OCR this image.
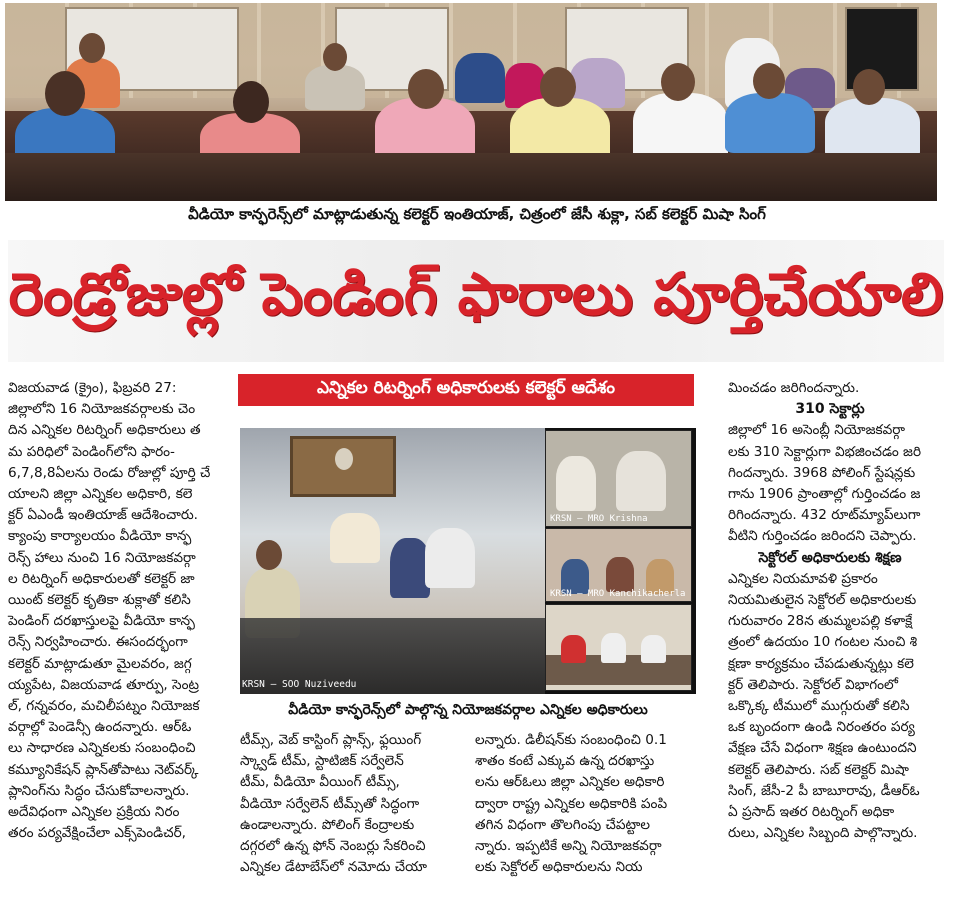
వీడియో కాన్ఫరెన్స్‌లో మాట్లాడుతున్న కలెక్టర్ ఇంతియాజ్, చిత్రంలో జేసీ శుక్లా, సబ్ కలెక్టర్ మిషా సింగ్
రెండ్రోజుల్లో పెండింగ్ ఫారాలు పూర్తిచేయాలి

విజయవాడ (క్రైం), ఫిబ్రవరి 27:

జిల్లాలోని 16 నియోజకవర్గాలకు చెం

దిన ఎన్నికల రిటర్నింగ్ అధికారులు త

మ పరిధిలో పెండింగ్‌లోని ఫారం-

6,7,8,8ఏలను రెండు రోజుల్లో పూర్తి చే

యాలని జిల్లా ఎన్నికల అధికారి, కలె

క్టర్ ఏఎండీ ఇంతియాజ్ ఆదేశించారు.

క్యాంపు కార్యాలయం వీడియో కాన్ఫ

రెన్స్ హాలు నుంచి 16 నియోజకవర్గా

ల రిటర్నింగ్ అధికారులతో కలెక్టర్ జా

యింట్ కలెక్టర్ కృతికా శుక్లాతో కలిసి

పెండింగ్ దరఖాస్తులపై వీడియో కాన్ఫ

రెన్స్ నిర్వహించారు. ఈసందర్భంగా

కలెక్టర్ మాట్లాడుతూ మైలవరం, జగ్గ

య్యపేట, విజయవాడ తూర్పు, సెంట్ర

ల్, గన్నవరం, మచిలీపట్నం నియోజక

వర్గాల్లో పెండెన్సీ ఉందన్నారు. ఆర్ఓ

లు సాధారణ ఎన్నికలకు సంబంధించి

కమ్యూనికేషన్ ప్లాన్‌తోపాటు నెట్‌వర్క్

ప్లానింగ్‌ను సిద్ధం చేసుకోవాలన్నారు.

అదేవిధంగా ఎన్నికల ప్రక్రియ నిరం

తరం పర్యవేక్షించేలా ఎక్స్‌పెండిచర్,

ఎన్నికల రిటర్నింగ్ అధికారులకు కలెక్టర్ ఆదేశం
KRSN – SOO Nuziveedu
KRSN – MRO Krishna
KRSN – MRO Kanchikacherla
వీడియో కాన్ఫరెన్స్‌లో పాల్గొన్న నియోజకవర్గాల ఎన్నికల అధికారులు

టీమ్స్, వెబ్ కాస్టింగ్ ప్లాన్స్, ఫ్లయింగ్

స్క్వాడ్ టీమ్, స్టాటిజిక్ సర్వేలెన్

టీమ్, వీడియో వీయింగ్ టీమ్స్,

వీడియో సర్వేలెన్ టీమ్స్‌తో సిద్ధంగా

ఉండాలన్నారు. పోలింగ్ కేంద్రాలకు

దగ్గరలో ఉన్న ఫోన్ నెంబర్లు సేకరించి

ఎన్నికల డేటాబేస్‌లో నమోదు చేయా

లన్నారు. డిలీషన్‌కు సంబంధించి 0.1

శాతం కంటే ఎక్కువ ఉన్న దరఖాస్తు

లను ఆర్ఓలు జిల్లా ఎన్నికల అధికారి

ద్వారా రాష్ట్ర ఎన్నికల అధికారికి పంపి

తగిన విధంగా తొలగింపు చేపట్టాల

న్నారు. ఇప్పటికే అన్ని నియోజకవర్గా

లకు సెక్టోరల్ అధికారులను నియ

మించడం జరిగిందన్నారు.

310 సెక్టార్లు

జిల్లాలో 16 అసెంబ్లీ నియోజకవర్గా

లకు 310 సెక్టార్లుగా విభజించడం జరి

గిందన్నారు. 3968 పోలింగ్ స్టేషన్లకు

గాను 1906 ప్రాంతాల్లో గుర్తించడం జ

రిగిందన్నారు. 432 రూట్‌మ్యాప్‌లుగా

వీటిని గుర్తించడం జరిందని చెప్పారు.

సెక్టోరల్ అధికారులకు శిక్షణ

ఎన్నికల నియమావళి ప్రకారం

నియమితులైన సెక్టోరల్ అధికారులకు

గురువారం 28న తుమ్మలపల్లి కళాక్షే

త్రంలో ఉదయం 10 గంటల నుంచి శి

క్షణా కార్యక్రమం చేపడుతున్నట్లు కలె

క్టర్ తెలిపారు. సెక్టోరల్ విభాగంలో

ఒక్కొక్క టీములో ముగ్గురుతో కలిసి

ఒక బృందంగా ఉండి నిరంతరం పర్య

వేక్షణ చేసే విధంగా శిక్షణ ఉంటుందని

కలెక్టర్ తెలిపారు. సబ్ కలెక్టర్ మిషా

సింగ్, జేసీ-2 పీ బాబూరావు, డీఆర్ఓ

ఏ ప్రసాద్ ఇతర రిటర్నింగ్ అధికా

రులు, ఎన్నికల సిబ్బంది పాల్గొన్నారు.
